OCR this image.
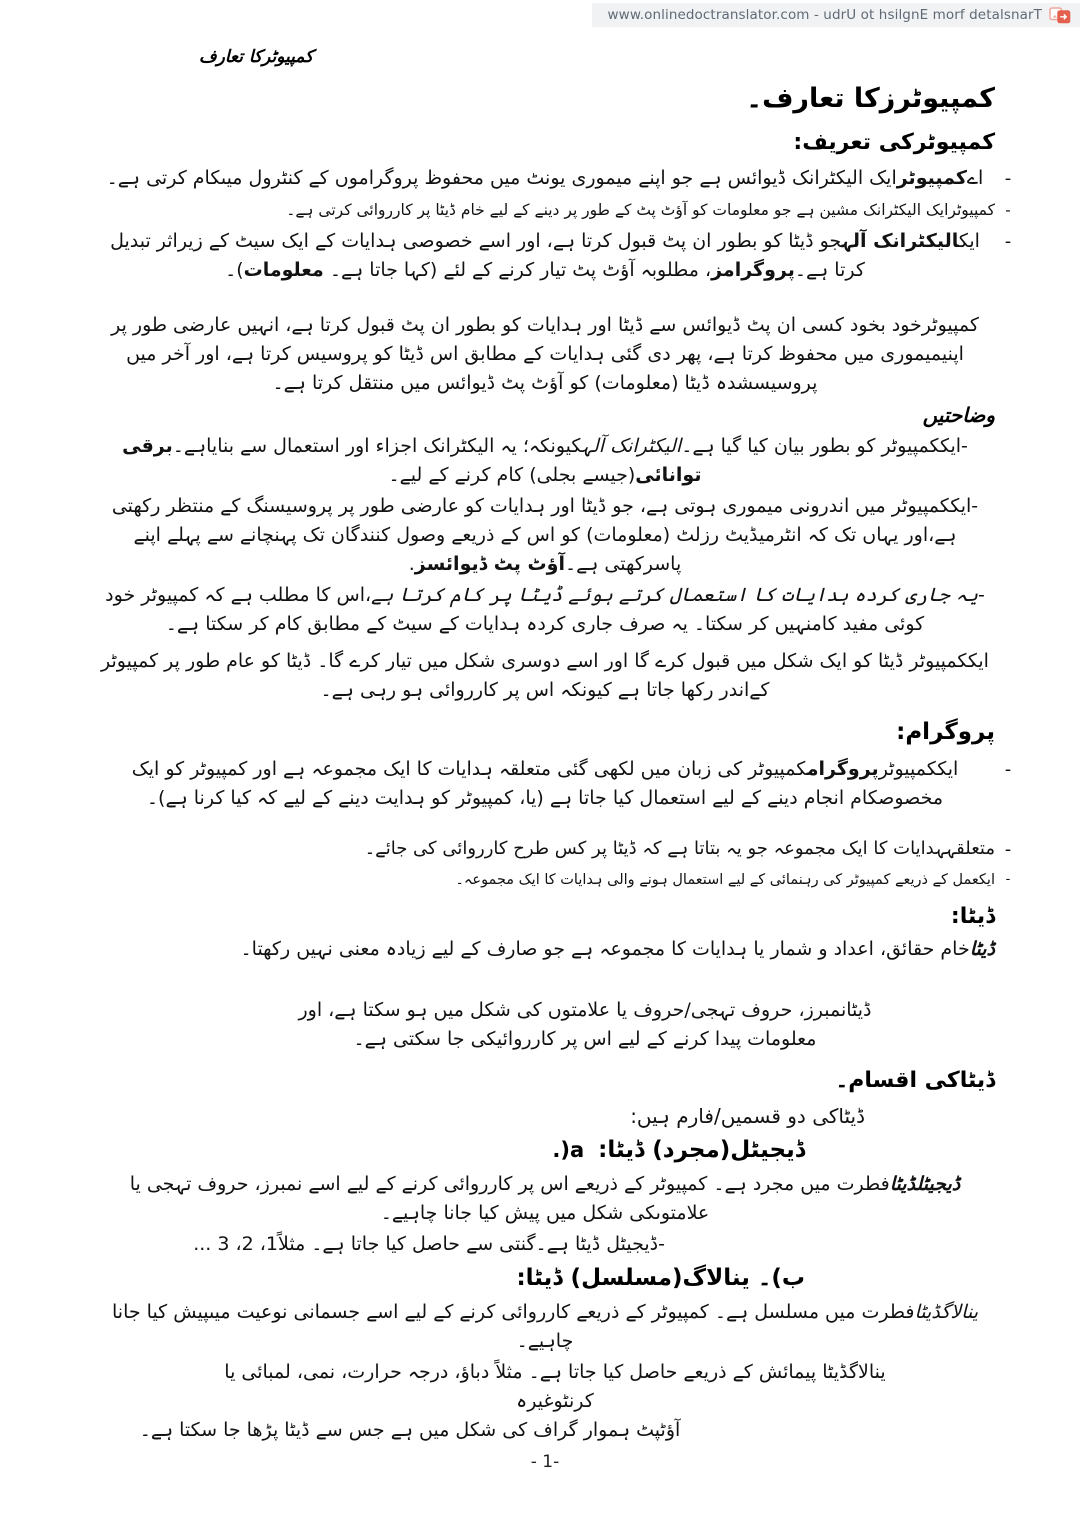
www.onlinedoctranslator.com - udrU ot hsilgnE morf detalsnarT
کمپیوٹرکا تعارف
کمپیوٹرزکا تعارف۔
کمپیوٹرکی تعریف:
-
اےکمپیوٹرایک الیکٹرانک ڈیوائس ہے جو اپنے میموری یونٹ میں محفوظ پروگراموں کے کنٹرول میںکام کرتی ہے۔
-
کمپیوٹرایک الیکٹرانک مشین ہے جو معلومات کو آؤٹ پٹ کے طور پر دینے کے لیے خام ڈیٹا پر کارروائی کرتی ہے۔
-
ایکالیکٹرانک آلہجو ڈیٹا کو بطور ان پٹ قبول کرتا ہے، اور اسے خصوصی ہدایات کے ایک سیٹ کے زیراثر تبدیل کرتا ہے۔پروگرامز، مطلوبہ آؤٹ پٹ تیار کرنے کے لئے (کہا جاتا ہے۔ معلومات)۔

کمپیوٹرخود بخود کسی ان پٹ ڈیوائس سے ڈیٹا اور ہدایات کو بطور ان پٹ قبول کرتا ہے، انہیں عارضی طور پر اپنیمیموری میں محفوظ کرتا ہے، پھر دی گئی ہدایات کے مطابق اس ڈیٹا کو پروسیس کرتا ہے، اور آخر میں پروسیسشدہ ڈیٹا (معلومات) کو آؤٹ پٹ ڈیوائس میں منتقل کرتا ہے۔

وضاحتیں

-ایککمپیوٹر کو بطور بیان کیا گیا ہے۔الیکٹرانک آلہکیونکہ؛ یہ الیکٹرانک اجزاء اور استعمال سے بنایاہے۔برقی توانائی(جیسے بجلی) کام کرنے کے لیے۔

-ایککمپیوٹر میں اندرونی میموری ہوتی ہے، جو ڈیٹا اور ہدایات کو عارضی طور پر پروسیسنگ کے منتظر رکھتی ہے،اور یہاں تک کہ انٹرمیڈیٹ رزلٹ (معلومات) کو اس کے ذریعے وصول کنندگان تک پہنچانے سے پہلے اپنے پاسرکھتی ہے۔آؤٹ پٹ ڈیوائسز.

-یہ جاری کردہ ہدایات کا استعمال کرتے ہوئے ڈیٹا پر کام کرتا ہے،اس کا مطلب ہے کہ کمپیوٹر خود کوئی مفید کامنہیں کر سکتا۔ یہ صرف جاری کردہ ہدایات کے سیٹ کے مطابق کام کر سکتا ہے۔

ایککمپیوٹر ڈیٹا کو ایک شکل میں قبول کرے گا اور اسے دوسری شکل میں تیار کرے گا۔ ڈیٹا کو عام طور پر کمپیوٹر کےاندر رکھا جاتا ہے کیونکہ اس پر کارروائی ہو رہی ہے۔

پروگرام:
-
ایککمپیوٹرپروگرامکمپیوٹر کی زبان میں لکھی گئی متعلقہ ہدایات کا ایک مجموعہ ہے اور کمپیوٹر کو ایک مخصوصکام انجام دینے کے لیے استعمال کیا جاتا ہے (یا، کمپیوٹر کو ہدایت دینے کے لیے کہ کیا کرنا ہے)۔
-
متعلقہہدایات کا ایک مجموعہ جو یہ بتاتا ہے کہ ڈیٹا پر کس طرح کارروائی کی جائے۔
-
ایکعمل کے ذریعے کمپیوٹر کی رہنمائی کے لیے استعمال ہونے والی ہدایات کا ایک مجموعہ۔
ڈیٹا:

ڈیٹاخام حقائق، اعداد و شمار یا ہدایات کا مجموعہ ہے جو صارف کے لیے زیادہ معنی نہیں رکھتا۔

ڈیٹانمبرز، حروف تہجی/حروف یا علامتوں کی شکل میں ہو سکتا ہے، اور معلومات پیدا کرنے کے لیے اس پر کارروائیکی جا سکتی ہے۔

ڈیٹاکی اقسام۔

ڈیٹاکی دو قسمیں/فارم ہیں:

ڈیجیٹل(مجرد) ڈیٹا:
.)a

ڈیجیٹلڈیٹافطرت میں مجرد ہے۔ کمپیوٹر کے ذریعے اس پر کارروائی کرنے کے لیے اسے نمبرز، حروف تہجی یا علامتوںکی شکل میں پیش کیا جانا چاہیے۔

-ڈیجیٹل ڈیٹا ہے۔گنتی سے حاصل کیا جاتا ہے۔ مثلاً1، 2، 3 ...

ب)۔ ینالاگ(مسلسل) ڈیٹا:

ینالاگڈیٹافطرت میں مسلسل ہے۔ کمپیوٹر کے ذریعے کارروائی کرنے کے لیے اسے جسمانی نوعیت میںپیش کیا جانا چاہیے۔

ینالاگڈیٹا پیمائش کے ذریعے حاصل کیا جاتا ہے۔ مثلاً دباؤ، درجہ حرارت، نمی، لمبائی یا کرنٹوغیرہ

آؤٹپٹ ہموار گراف کی شکل میں ہے جس سے ڈیٹا پڑھا جا سکتا ہے۔

- 1-
